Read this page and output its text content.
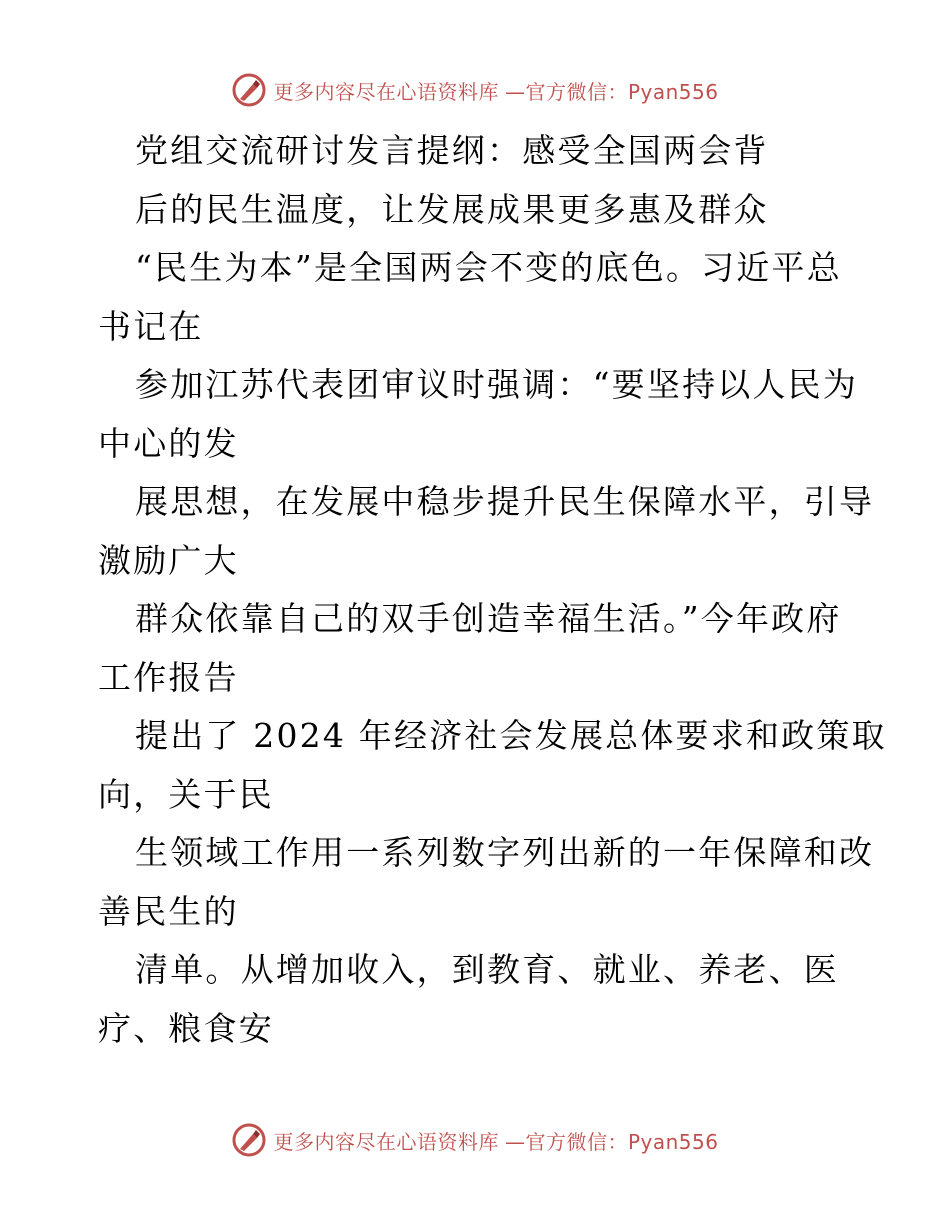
更多内容尽在心语资料库 —官方微信：Pyan556
党组交流研讨发言提纲：感受全国两会背
后的民生温度，让发展成果更多惠及群众
“民生为本”是全国两会不变的底色。习近平总
书记在
参加江苏代表团审议时强调：“要坚持以人民为
中心的发
展思想，在发展中稳步提升民生保障水平，引导
激励广大
群众依靠自己的双手创造幸福生活。”今年政府
工作报告
提出了 2024 年经济社会发展总体要求和政策取
向，关于民
生领域工作用一系列数字列出新的一年保障和改
善民生的
清单。从增加收入，到教育、就业、养老、医
疗、粮食安
更多内容尽在心语资料库 —官方微信：Pyan556
